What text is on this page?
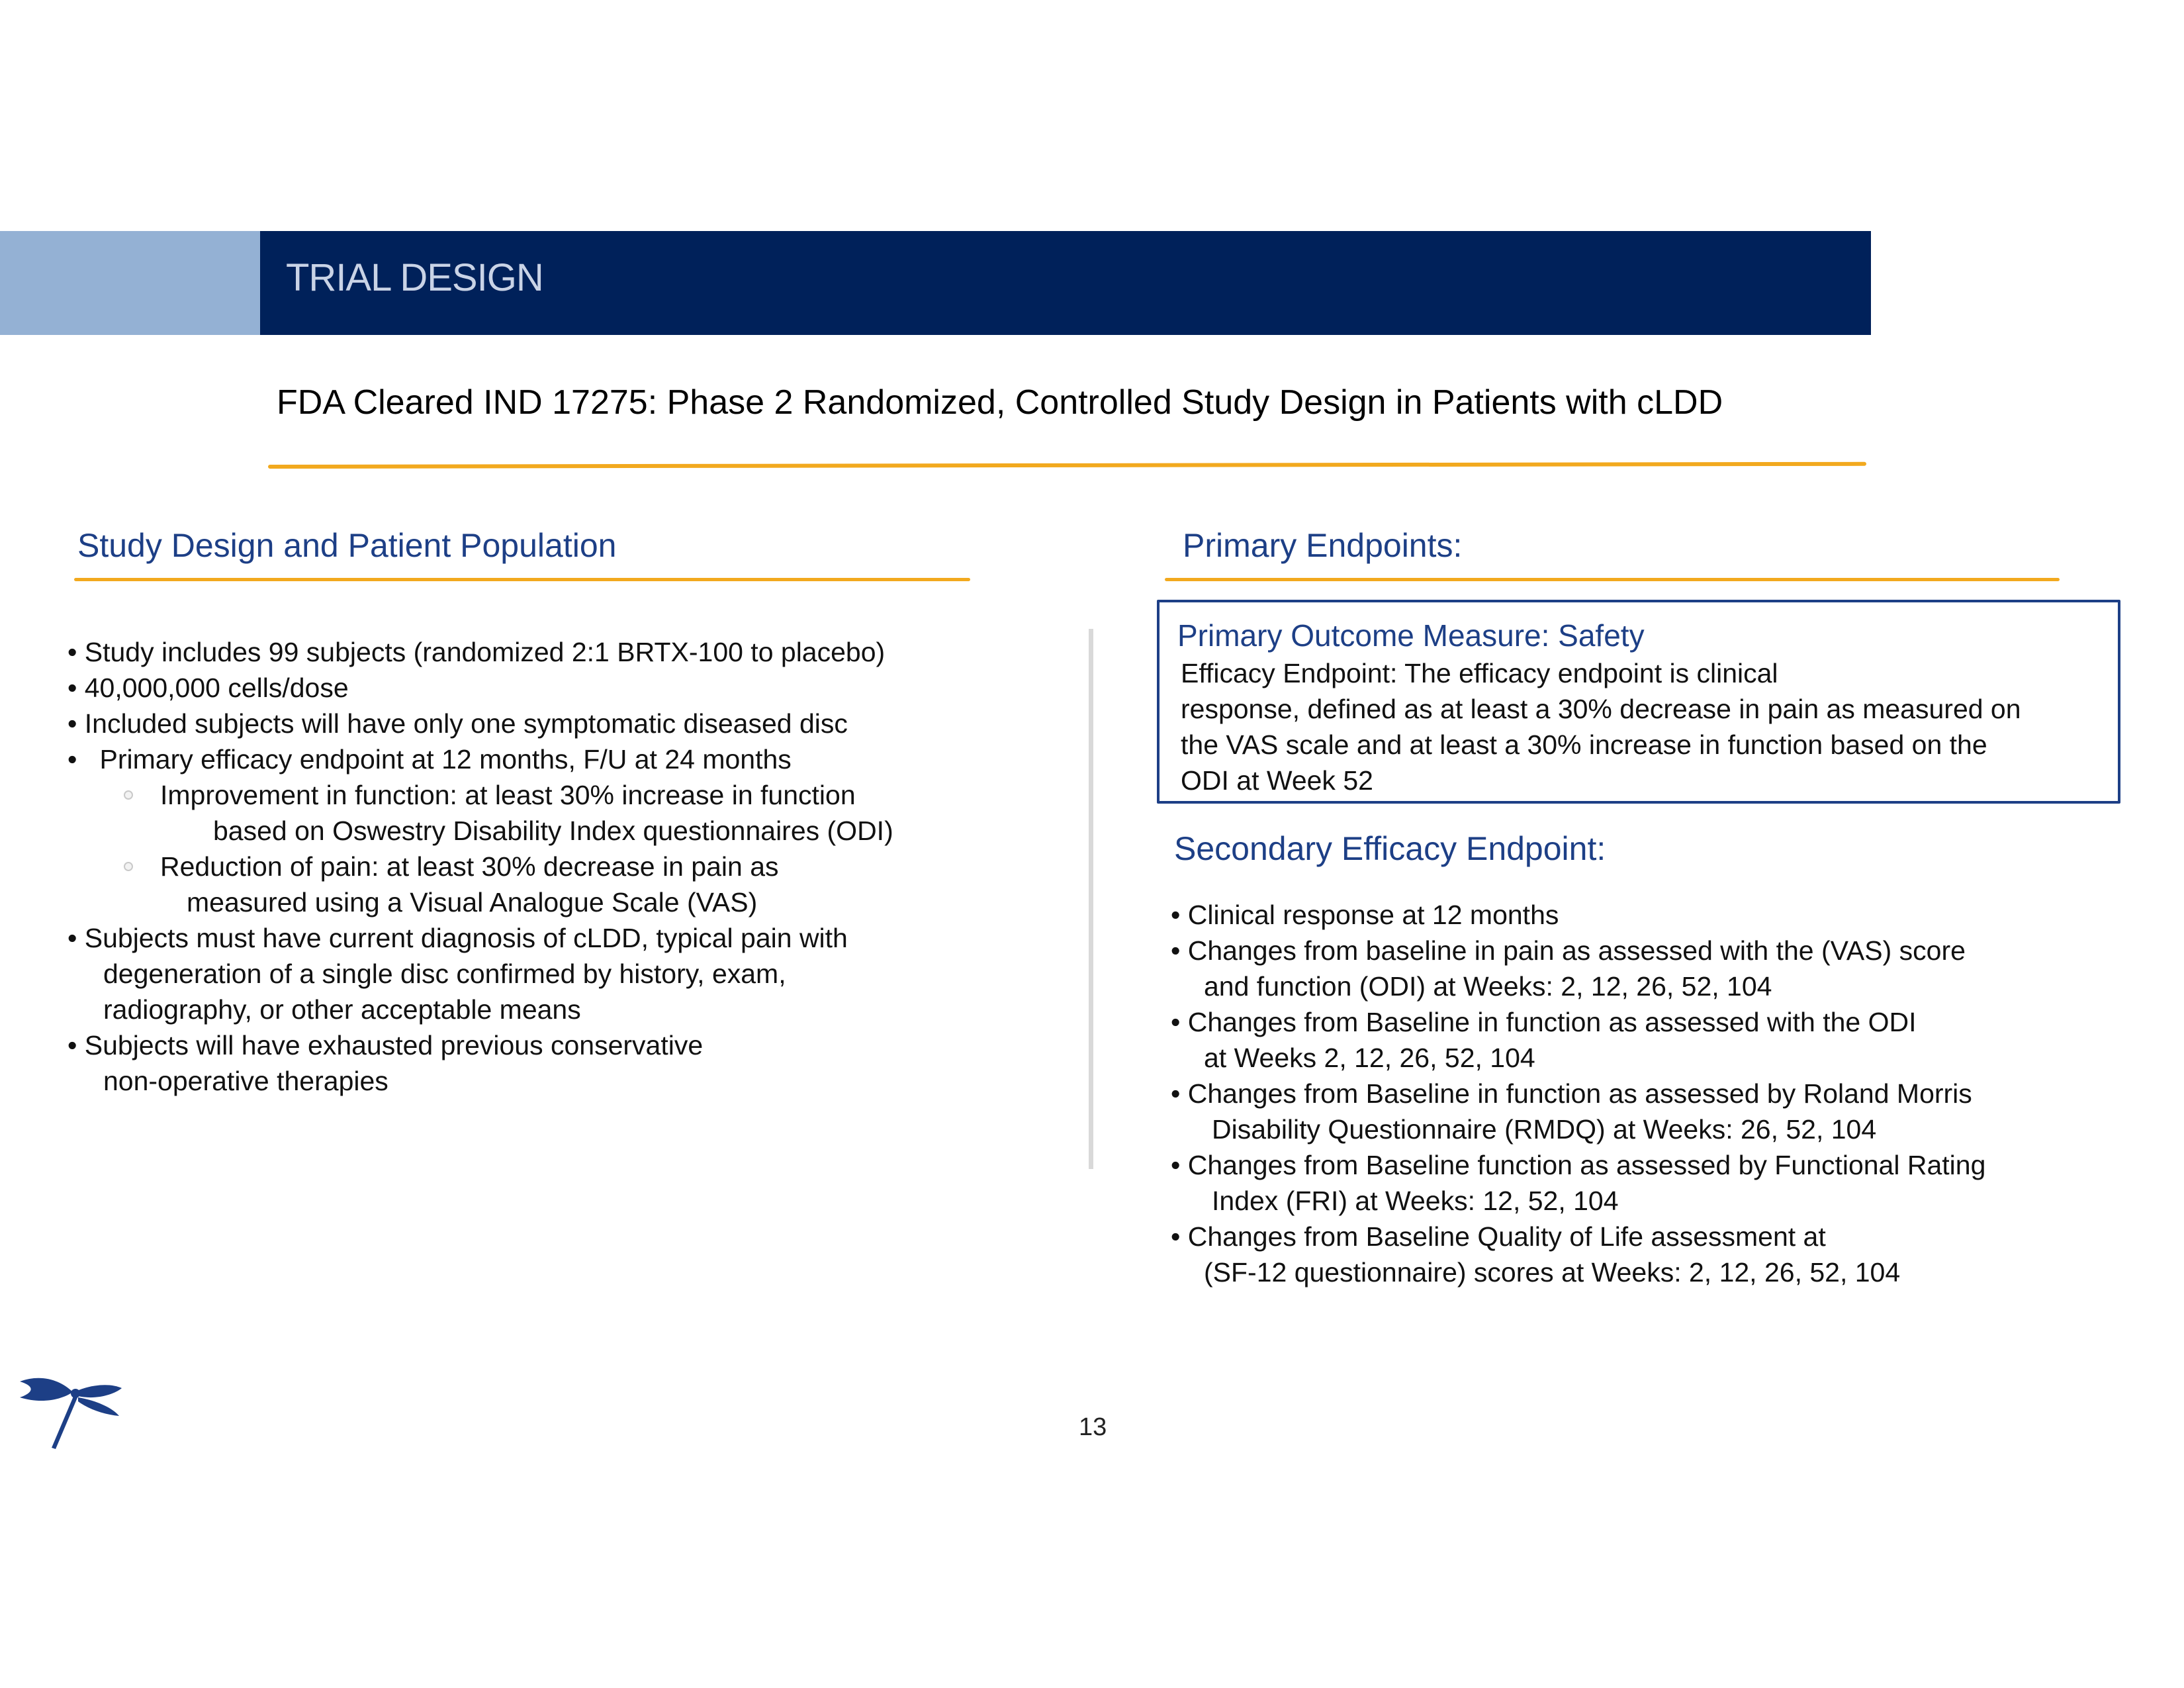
TRIAL DESIGN
FDA Cleared IND 17275: Phase 2 Randomized, Controlled Study Design in Patients with cLDD
Study Design and Patient Population
• Study includes 99 subjects (randomized 2:1 BRTX-100 to placebo)
• 40,000,000 cells/dose
• Included subjects will have only one symptomatic diseased disc
•   Primary efficacy endpoint at 12 months, F/U at 24 months
Improvement in function: at least 30% increase in function
based on Oswestry Disability Index questionnaires (ODI)
Reduction of pain: at least 30% decrease in pain as
measured using a Visual Analogue Scale (VAS)
• Subjects must have current diagnosis of cLDD, typical pain with
degeneration of a single disc confirmed by history, exam,
radiography, or other acceptable means
• Subjects will have exhausted previous conservative
non-operative therapies
Primary Endpoints:
Primary Outcome Measure: Safety
Efficacy Endpoint: The efficacy endpoint is clinical
response, defined as at least a 30% decrease in pain as measured on
the VAS scale and at least a 30% increase in function based on the
ODI at Week 52
Secondary Efficacy Endpoint:
• Clinical response at 12 months
• Changes from baseline in pain as assessed with the (VAS) score
and function (ODI) at Weeks: 2, 12, 26, 52, 104
• Changes from Baseline in function as assessed with the ODI
at Weeks 2, 12, 26, 52, 104
• Changes from Baseline in function as assessed by Roland Morris
Disability Questionnaire (RMDQ) at Weeks: 26, 52, 104
• Changes from Baseline function as assessed by Functional Rating
Index (FRI) at Weeks: 12, 52, 104
• Changes from Baseline Quality of Life assessment at
(SF-12 questionnaire) scores at Weeks: 2, 12, 26, 52, 104
13
